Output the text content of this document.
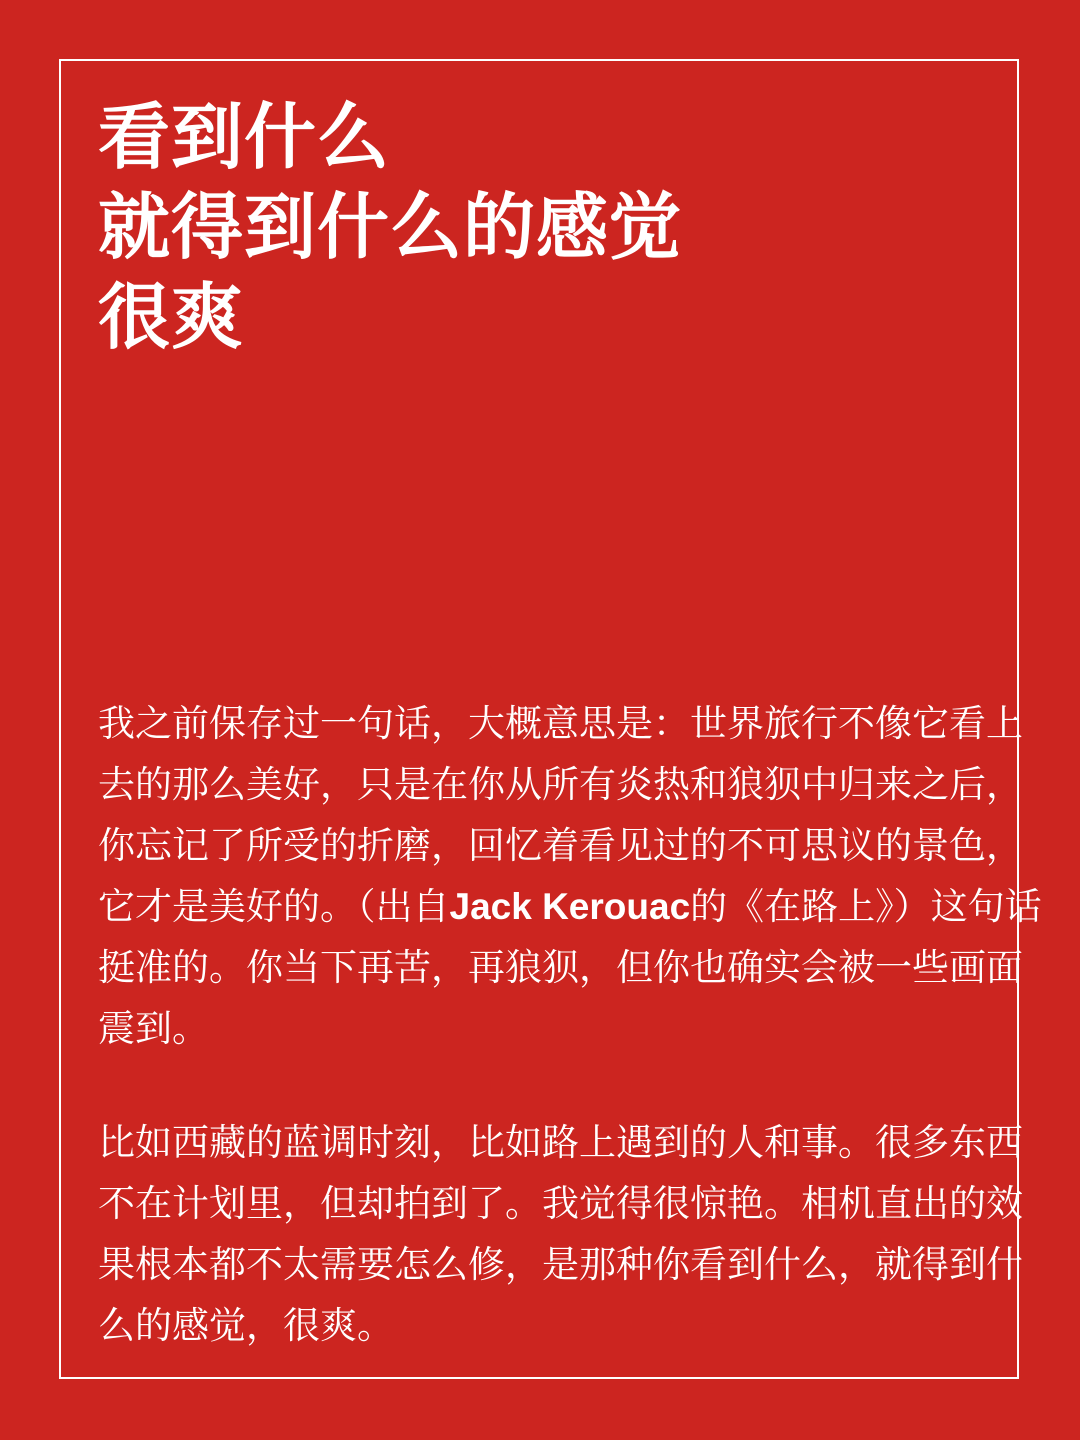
看到什么
就得到什么的感觉
很爽
我之前保存过一句话，大概意思是：世界旅行不像它看上
去的那么美好，只是在你从所有炎热和狼狈中归来之后，
你忘记了所受的折磨，回忆着看见过的不可思议的景色，
它才是美好的。（出自Jack Kerouac的《在路上》）这句话
挺准的。你当下再苦，再狼狈，但你也确实会被一些画面
震到。
比如西藏的蓝调时刻，比如路上遇到的人和事。很多东西
不在计划里，但却拍到了。我觉得很惊艳。相机直出的效
果根本都不太需要怎么修，是那种你看到什么，就得到什
么的感觉，很爽。
